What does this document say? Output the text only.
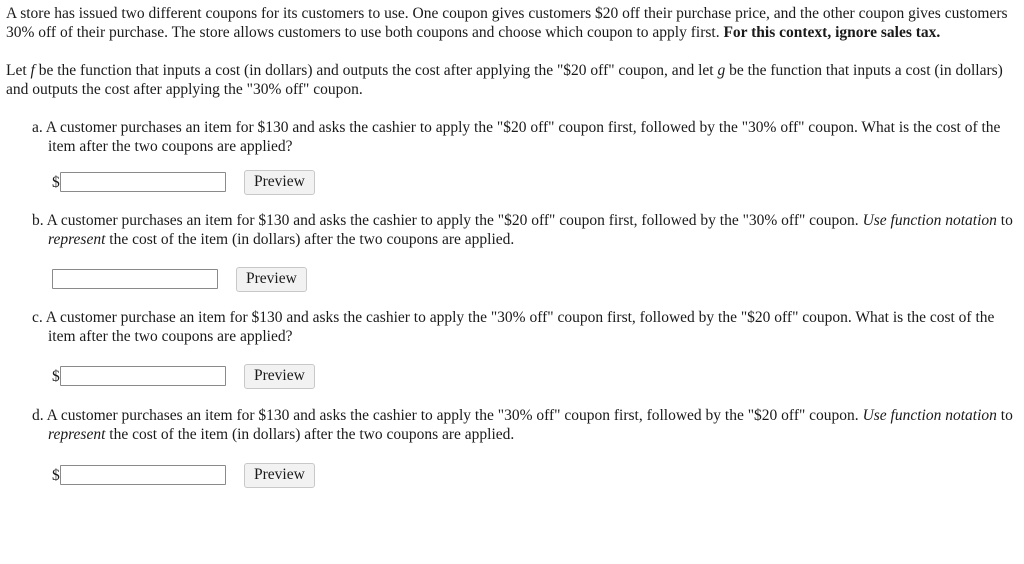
A store has issued two different coupons for its customers to use. One coupon gives customers $20 off their purchase price, and the other coupon gives customers 30% off of their purchase. The store allows customers to use both coupons and choose which coupon to apply first. For this context, ignore sales tax.

Let f be the function that inputs a cost (in dollars) and outputs the cost after applying the "$20 off" coupon, and let g be the function that inputs a cost (in dollars) and outputs the cost after applying the "30% off" coupon.

a. A customer purchases an item for $130 and asks the cashier to apply the "$20 off" coupon first, followed by the "30% off" coupon. What is the cost of the item after the two coupons are applied?

$	Preview

b. A customer purchases an item for $130 and asks the cashier to apply the "$20 off" coupon first, followed by the "30% off" coupon. Use function notation to represent the cost of the item (in dollars) after the two coupons are applied.

Preview

c. A customer purchase an item for $130 and asks the cashier to apply the "30% off" coupon first, followed by the "$20 off" coupon. What is the cost of the item after the two coupons are applied?

$	Preview

d. A customer purchases an item for $130 and asks the cashier to apply the "30% off" coupon first, followed by the "$20 off" coupon. Use function notation to represent the cost of the item (in dollars) after the two coupons are applied.

$	Preview
